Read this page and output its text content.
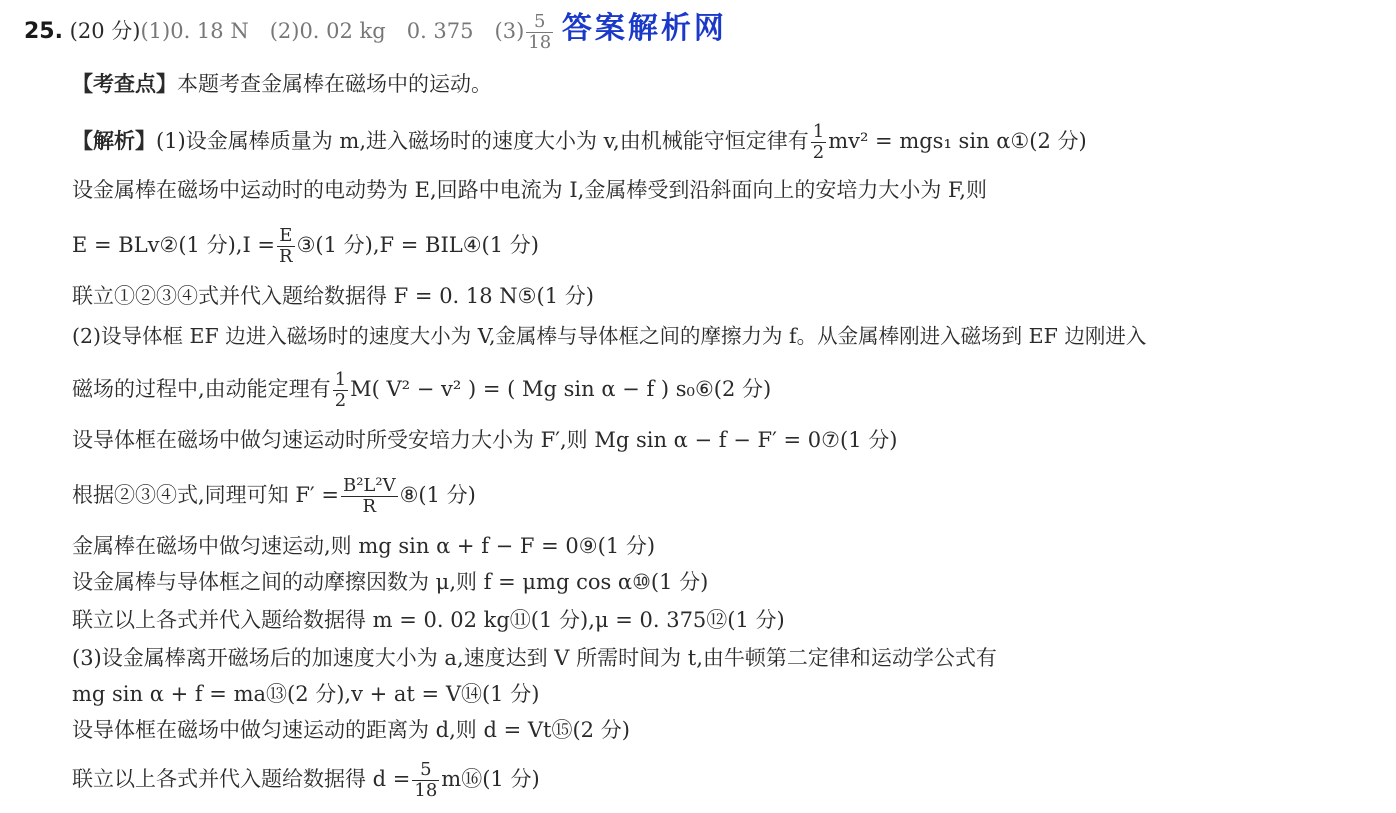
25. (20 分)(1)0. 18 N　(2)0. 02 kg　0. 375　$(3) \frac{5}{18}$ 答案解析网
【考查点】本题考查金属棒在磁场中的运动。
【解析】(1)设金属棒质量为 m,进入磁场时的速度大小为 v,由机械能守恒定律有 $\frac{1}{2} mv^2 = mgs_1$ sin α①(2 分)
设金属棒在磁场中运动时的电动势为 E,回路中电流为 I,金属棒受到沿斜面向上的安培力大小为 F,则
E = BLv②(1 分)$,I = \frac{E}{R}$ ③(1 分),F = BIL④(1 分)
联立①②③④式并代入题给数据得 F = 0. 18 N⑤(1 分)
(2)设导体框 EF 边进入磁场时的速度大小为 V,金属棒与导体框之间的摩擦力为 f。从金属棒刚进入磁场到 EF 边刚进入
磁场的过程中,由动能定理有 $\frac{1}{2} M$( V² − v² ) = ( Mg sin α − f ) s₀⑥(2 分)
设导体框在磁场中做匀速运动时所受安培力大小为 F′,则 Mg sin α − f − F′ = 0⑦(1 分)
根据②③④式,同理可知 $F' = \frac{\text{B²L²V}}{R}$ ⑧(1 分)
金属棒在磁场中做匀速运动,则 mg sin α + f − F = 0⑨(1 分)
设金属棒与导体框之间的动摩擦因数为 μ,则 f = μmg cos α⑩(1 分)
联立以上各式并代入题给数据得 m = 0. 02 kg⑪(1 分),μ = 0. 375⑫(1 分)
(3)设金属棒离开磁场后的加速度大小为 a,速度达到 V 所需时间为 t,由牛顿第二定律和运动学公式有
mg sin α + f = ma⑬(2 分),v + at = V⑭(1 分)
设导体框在磁场中做匀速运动的距离为 d,则 d = Vt⑮(2 分)
联立以上各式并代入题给数据得 $d = \frac{5}{18}$ m⑯(1 分)
